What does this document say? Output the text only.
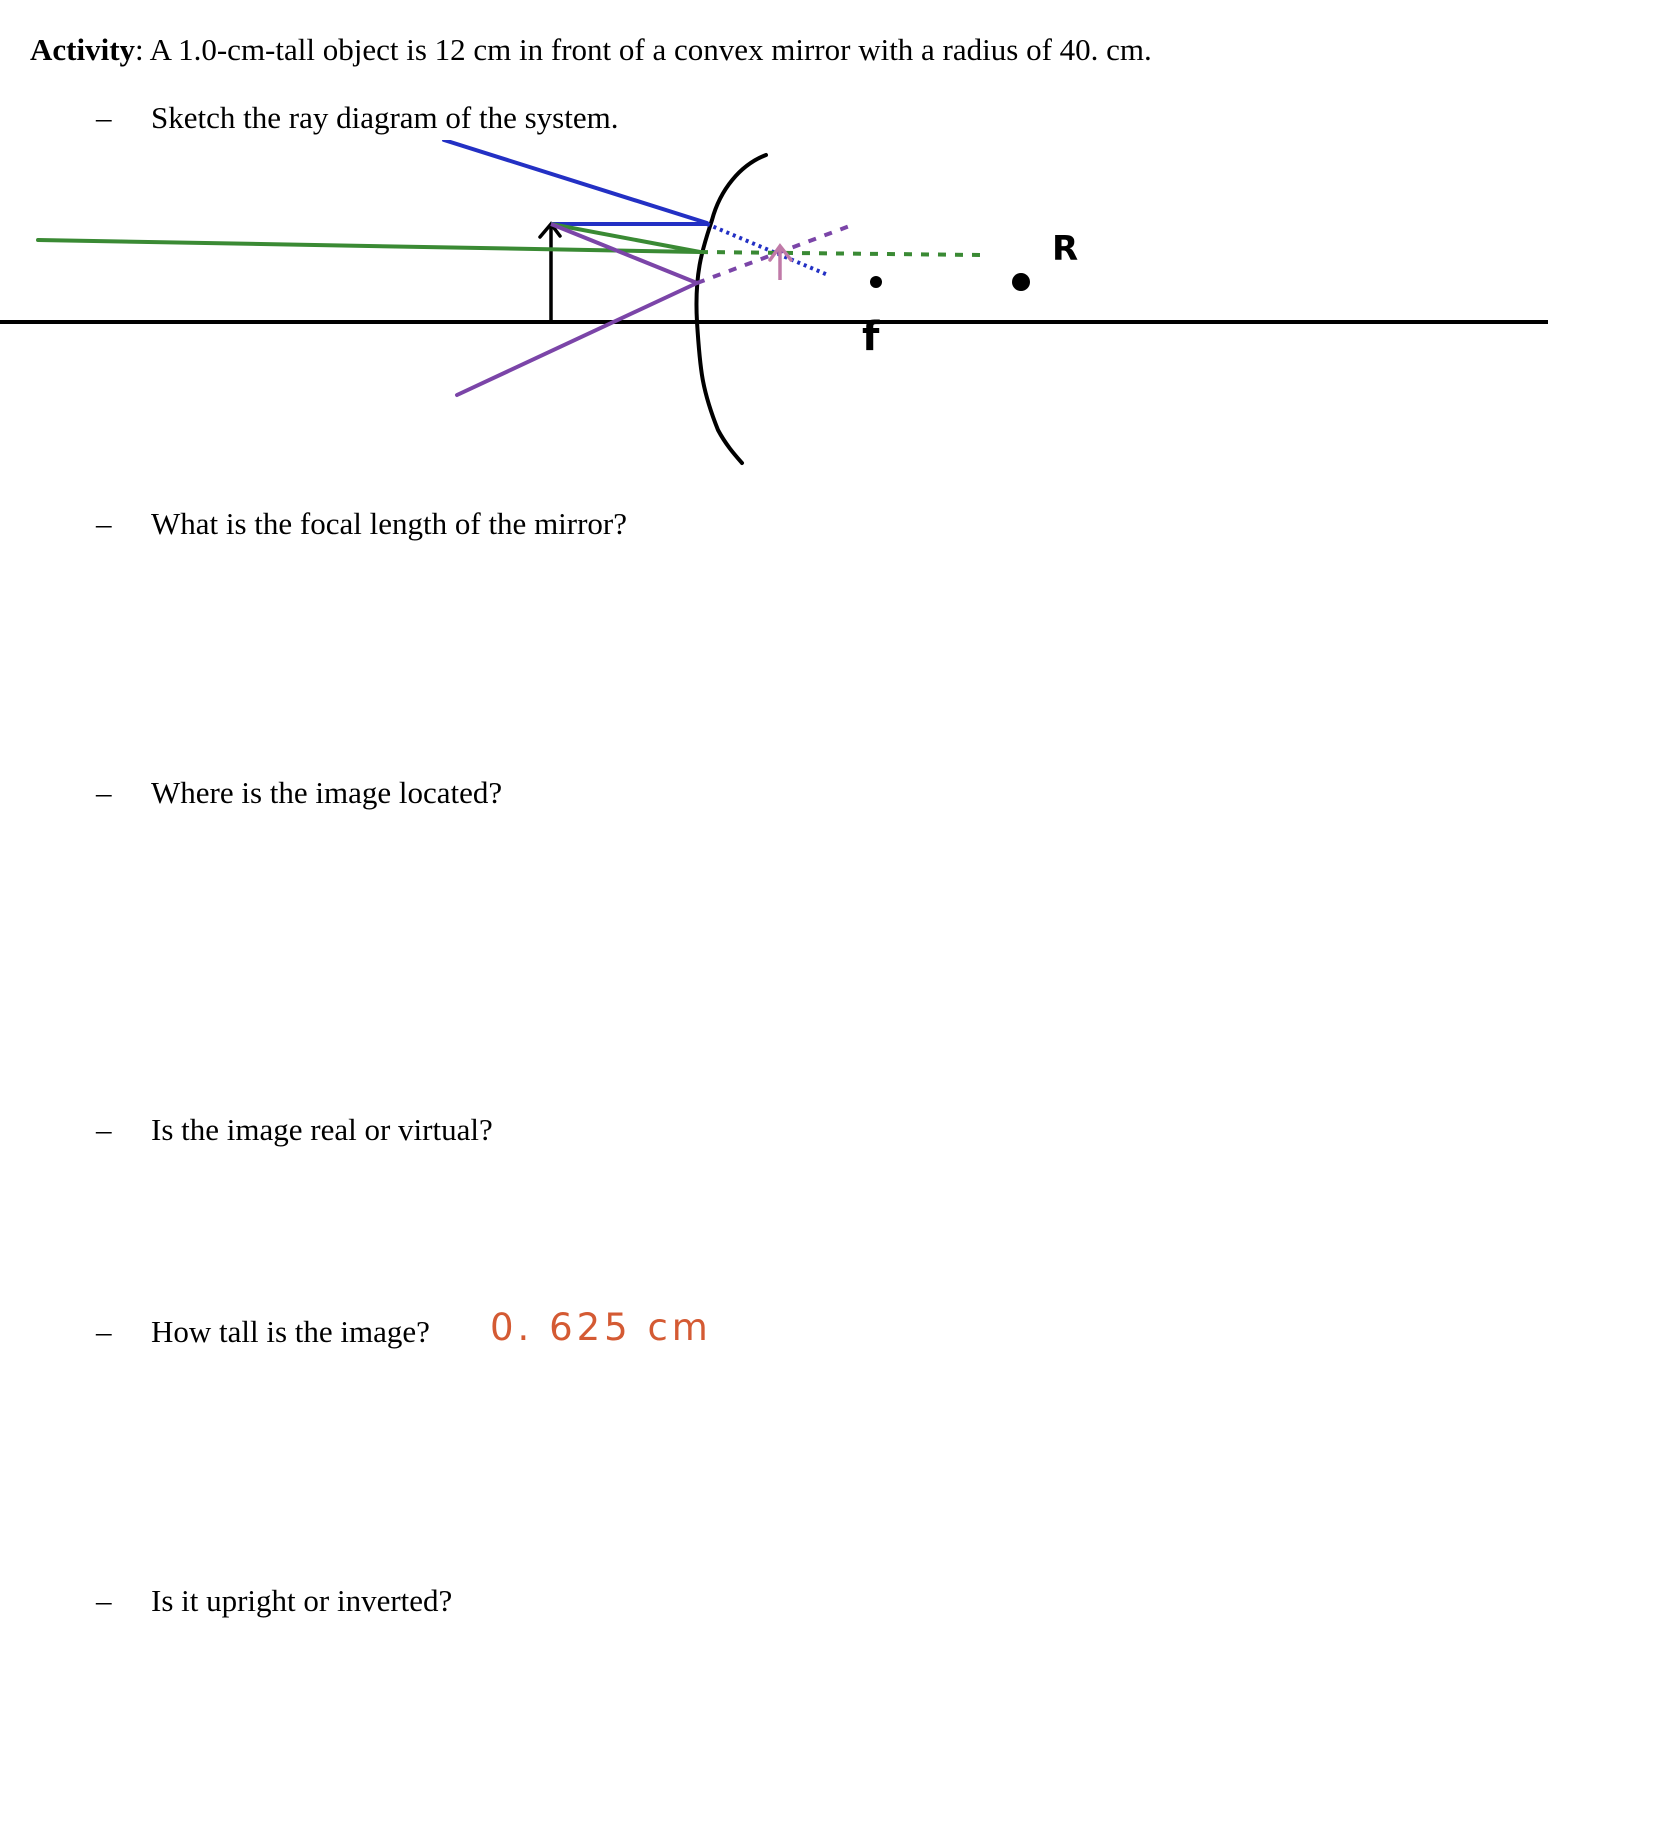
Activity: A 1.0-cm-tall object is 12 cm in front of a convex mirror with a radius of 40. cm.
– Sketch the ray diagram of the system.
f
R
– What is the focal length of the mirror?
– Where is the image located?
– Is the image real or virtual?
– How tall is the image? 0. 625 cm
– Is it upright or inverted?
